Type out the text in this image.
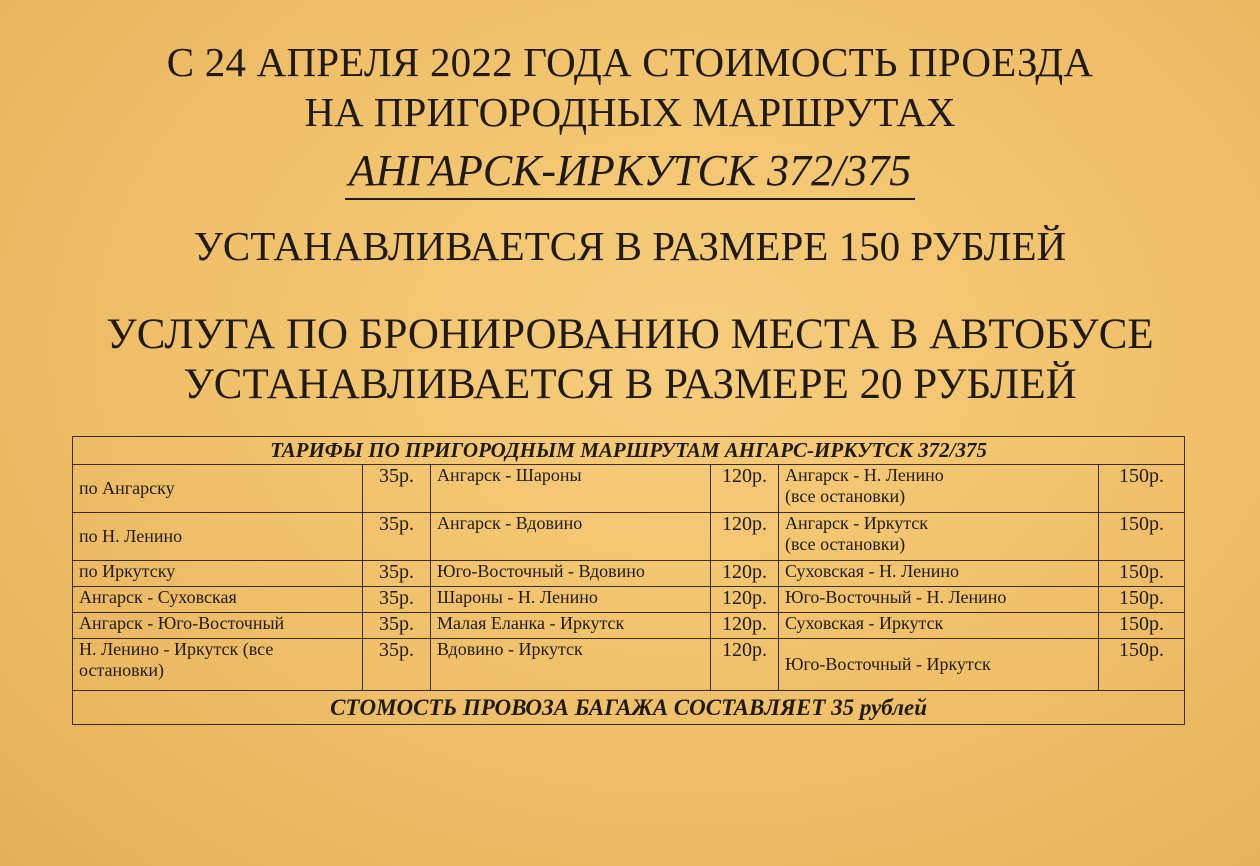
С 24 АПРЕЛЯ 2022 ГОДА СТОИМОСТЬ ПРОЕЗДА
НА ПРИГОРОДНЫХ МАРШРУТАХ
АНГАРСК-ИРКУТСК 372/375
УСТАНАВЛИВАЕТСЯ В РАЗМЕРЕ 150 РУБЛЕЙ
УСЛУГА ПО БРОНИРОВАНИЮ МЕСТА В АВТОБУСЕ
УСТАНАВЛИВАЕТСЯ В РАЗМЕРЕ 20 РУБЛЕЙ
ТАРИФЫ ПО ПРИГОРОДНЫМ МАРШРУТАМ АНГАРС-ИРКУТСК 372/375					
по Ангарску	35р.	Ангарск - Шароны	120р.	Ангарск - Н. Ленино
(все остановки)	150р.
по Н. Ленино	35р.	Ангарск - Вдовино	120р.	Ангарск - Иркутск
(все остановки)	150р.
по Иркутску	35р.	Юго-Восточный - Вдовино	120р.	Суховская - Н. Ленино	150р.
Ангарск - Суховская	35р.	Шароны - Н. Ленино	120р.	Юго-Восточный - Н. Ленино	150р.
Ангарск - Юго-Восточный	35р.	Малая Еланка - Иркутск	120р.	Суховская - Иркутск	150р.

Н. Ленино - Иркутск (все
остановки)	35р.	Вдовино - Иркутск	120р.	Юго-Восточный - Иркутск	150р.
СТОМОСТЬ ПРОВОЗА БАГАЖА СОСТАВЛЯЕТ 35 рублей					
